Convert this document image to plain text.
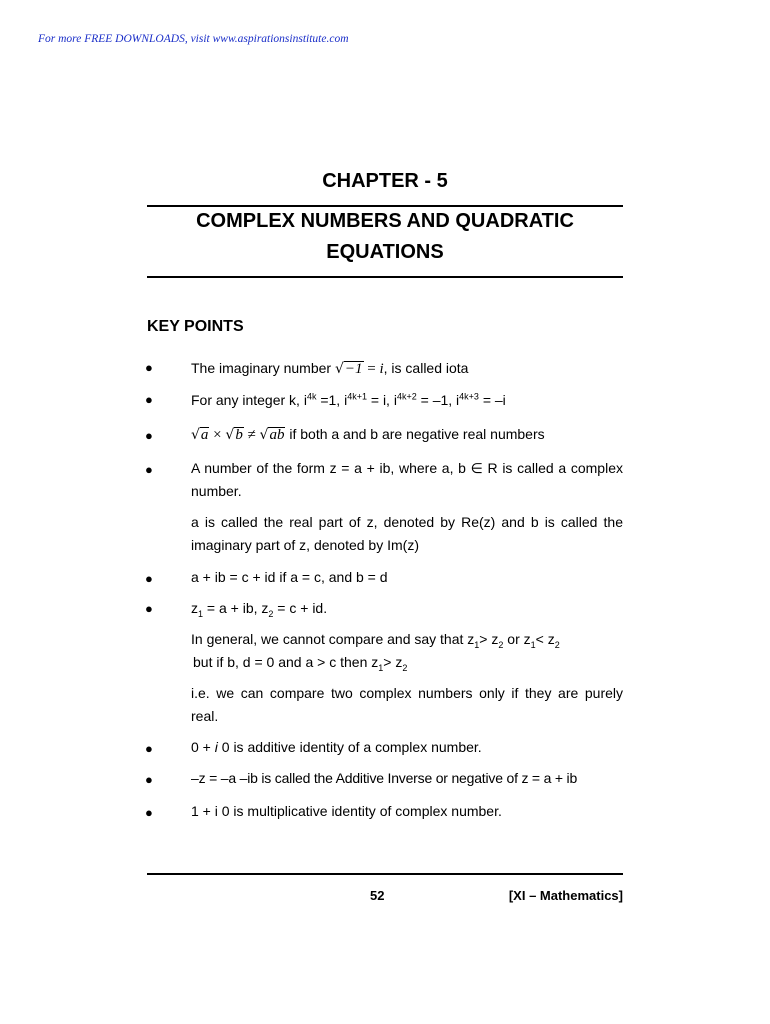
For more FREE DOWNLOADS, visit www.aspirationsinstitute.com
CHAPTER - 5
COMPLEX NUMBERS AND QUADRATIC
EQUATIONS
KEY POINTS
●	The imaginary number √−1 = i, is called iota
●	For any integer k, $i^{4k} =1$, $i^{4k+1} = i$, $i^{4k+2} = -1$, $i^{4k+3} = -i$
●	√a × √b ≠ √ab if both a and b are negative real numbers
●	A number of the form z = a + ib, where a, b ∈ R is called a complex number.
a is called the real part of z, denoted by Re(z) and b is called the imaginary part of z, denoted by Im(z)
●	a + ib = c + id if a = c, and b = d
●	$z_1 = a$ + ib, $z_2 = c$ + id.
In general, we cannot compare and say that $z_1> z_2$ or $z_1< z_2$
but if b, d = 0 and a > c then $z_1> z_2$
i.e. we can compare two complex numbers only if they are purely real.
●	0 + i 0 is additive identity of a complex number.
●	–z = –a –ib is called the Additive Inverse or negative of z = a + ib
●	1 + i 0 is multiplicative identity of complex number.
52	[XI – Mathematics]
